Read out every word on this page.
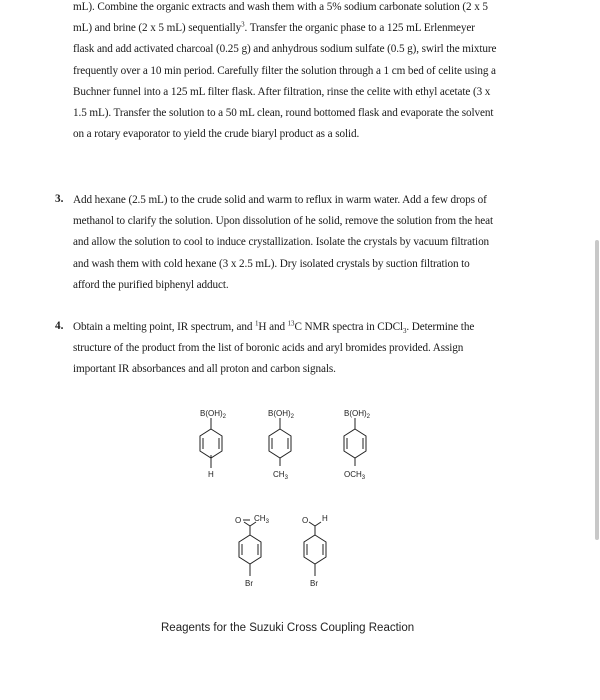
mL). Combine the organic extracts and wash them with a 5% sodium carbonate solution (2 x 5
mL) and brine (2 x 5 mL) sequentially$^3$. Transfer the organic phase to a 125 mL Erlenmeyer
flask and add activated charcoal (0.25 g) and anhydrous sodium sulfate (0.5 g), swirl the mixture
frequently over a 10 min period. Carefully filter the solution through a 1 cm bed of celite using a
Buchner funnel into a 125 mL filter flask. After filtration, rinse the celite with ethyl acetate (3 x
1.5 mL). Transfer the solution to a 50 mL clean, round bottomed flask and evaporate the solvent
on a rotary evaporator to yield the crude biaryl product as a solid.
3. Add hexane (2.5 mL) to the crude solid and warm to reflux in warm water. Add a few drops of
methanol to clarify the solution. Upon dissolution of he solid, remove the solution from the heat
and allow the solution to cool to induce crystallization. Isolate the crystals by vacuum filtration
and wash them with cold hexane (3 x 2.5 mL). Dry isolated crystals by suction filtration to
afford the purified biphenyl adduct.
4. Obtain a melting point, IR spectrum, and $^1$H and $^{13}$C NMR spectra in CDCl$_3$. Determine the
structure of the product from the list of boronic acids and aryl bromides provided. Assign
important IR absorbances and all proton and carbon signals.
$B(OH)_2$	$B(OH)_2$	$B(OH)_2$
H	$CH_3$	$OCH_3$
O $CH_3$	O H
Br	Br
Reagents for the Suzuki Cross Coupling Reaction
